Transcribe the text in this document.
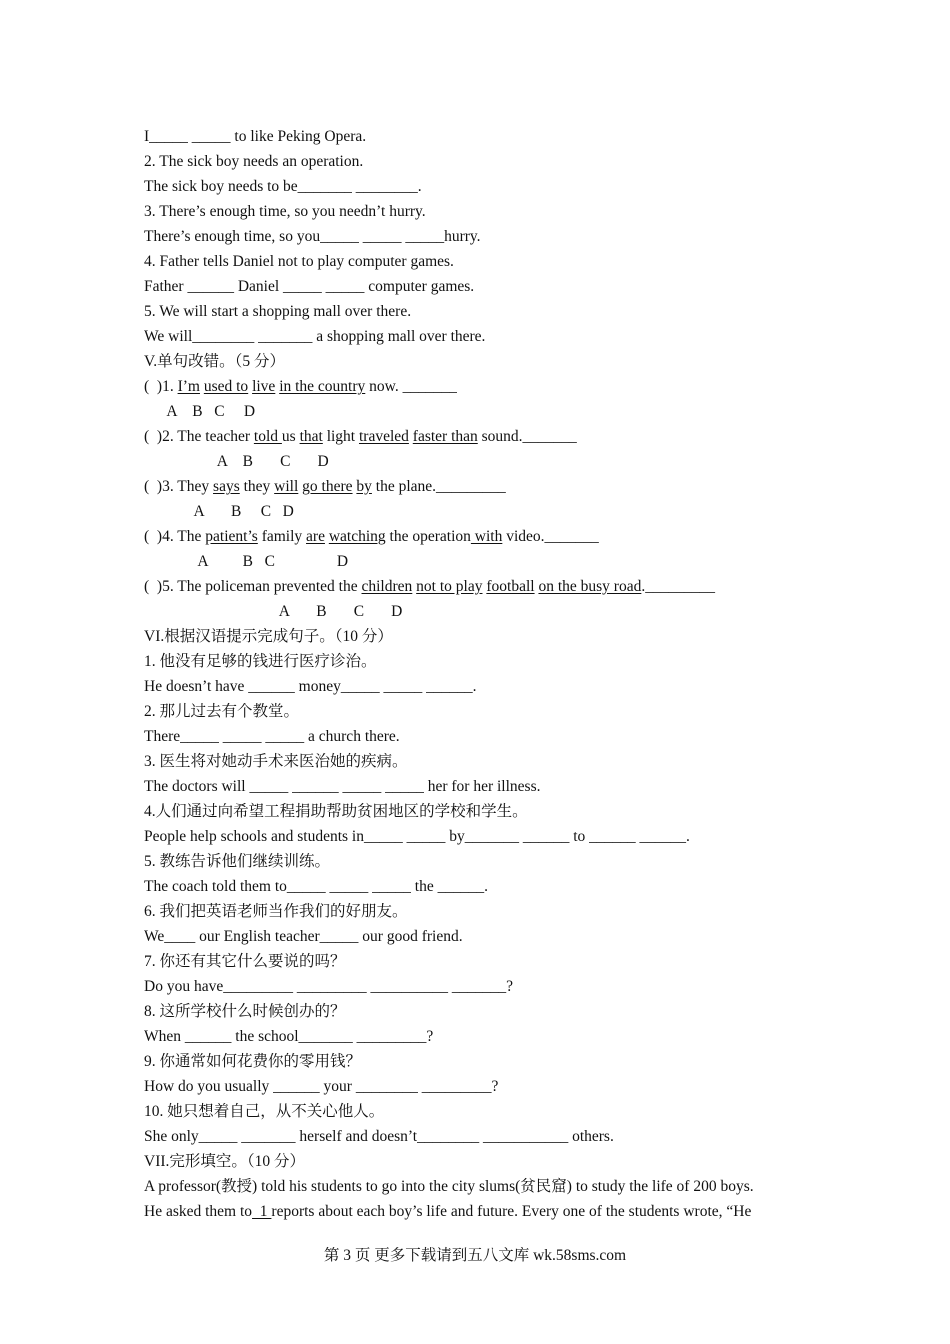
I_____ _____ to like Peking Opera.
2. The sick boy needs an operation.
The sick boy needs to be_______ ________.
3. There’s enough time, so you needn’t hurry.
There’s enough time, so you_____ _____ _____hurry.
4. Father tells Daniel not to play computer games.
Father ______ Daniel _____ _____ computer games.
5. We will start a shopping mall over there.
We will________ _______ a shopping mall over there.
V.单句改错。（5 分）
(  )1. I’m used to live in the country now. _______
A    B   C     D
(  )2. The teacher told us that light traveled faster than sound._______
A    B       C       D
(  )3. They says they will go there by the plane._________
A       B     C   D
(  )4. The patient’s family are watching the operation with video._______
A         B   C                D
(  )5. The policeman prevented the children not to play football on the busy road._________
A       B       C       D
VI.根据汉语提示完成句子。（10 分）
1. 他没有足够的钱进行医疗诊治。
He doesn’t have ______ money_____ _____ ______.
2. 那儿过去有个教堂。
There_____ _____ _____ a church there.
3. 医生将对她动手术来医治她的疾病。
The doctors will _____ ______ _____ _____ her for her illness.
4.人们通过向希望工程捐助帮助贫困地区的学校和学生。
People help schools and students in_____ _____ by_______ ______ to ______ ______.
5. 教练告诉他们继续训练。
The coach told them to_____ _____ _____ the ______.
6. 我们把英语老师当作我们的好朋友。
We____ our English teacher_____ our good friend.
7. 你还有其它什么要说的吗？
Do you have_________ _________ __________ _______?
8. 这所学校什么时候创办的？
When ______ the school_______ _________?
9. 你通常如何花费你的零用钱？
How do you usually ______ your ________ _________?
10. 她只想着自己，从不关心他人。
She only_____ _______ herself and doesn’t________ ___________ others.
VII.完形填空。（10 分）
A professor(教授) told his students to go into the city slums(贫民窟) to study the life of 200 boys.
He asked them to  1 reports about each boy’s life and future. Every one of the students wrote, “He
第 3 页 更多下载请到五八文库 wk.58sms.com
